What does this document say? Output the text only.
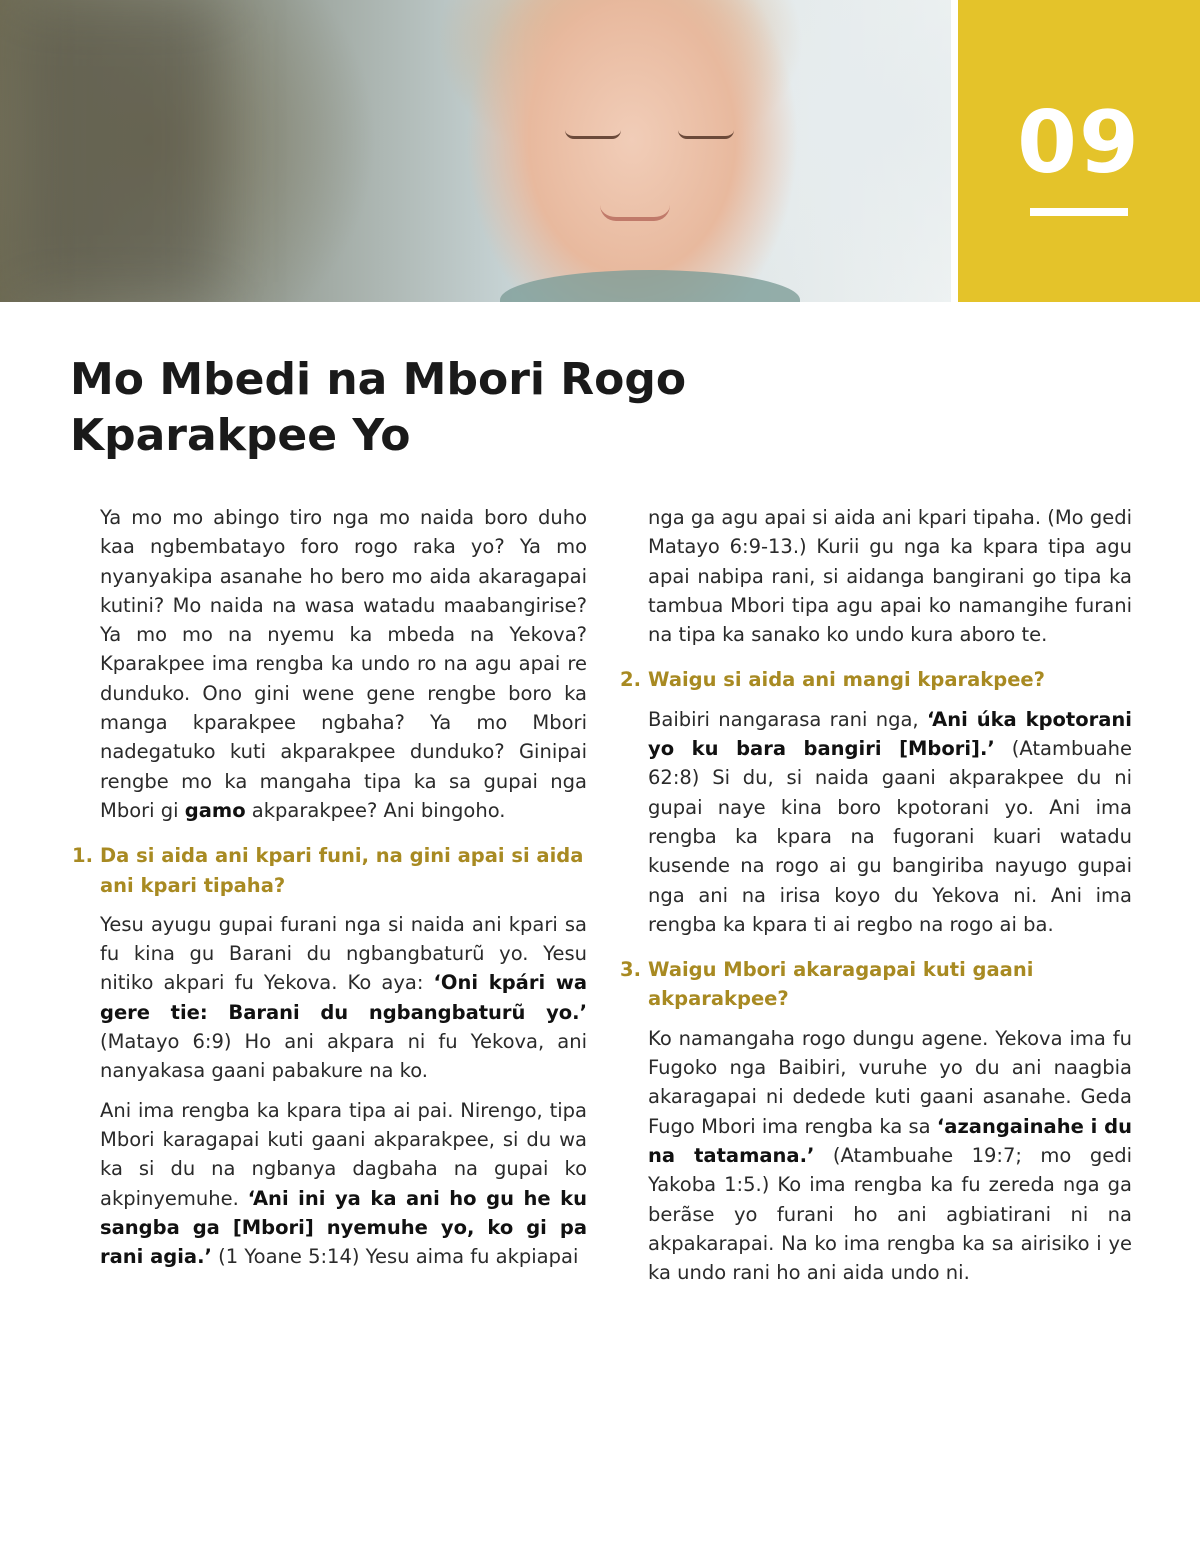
09
Mo Mbedi na Mbori Rogo Kparakpee Yo

Ya mo mo abingo tiro nga mo naida boro duho kaa ngbembatayo foro rogo raka yo? Ya mo nyanyakipa asanahe ho bero mo aida akaragapai kutini? Mo naida na wasa watadu maabangirise? Ya mo mo na nyemu ka mbeda na Yekova? Kparakpee ima rengba ka undo ro na agu apai re dunduko. Ono gini wene gene rengbe boro ka manga kparakpee ngbaha? Ya mo Mbori nadegatuko kuti akparakpee dunduko? Ginipai rengbe mo ka mangaha tipa ka sa gupai nga Mbori gi gamo akparakpee? Ani bingoho.

1. Da si aida ani kpari funi, na gini apai si aida ani kpari tipaha?

Yesu ayugu gupai furani nga si naida ani kpari sa fu kina gu Barani du ngbangbaturũ yo. Yesu nitiko akpari fu Yekova. Ko aya: ‘Oni kpári wa gere tie: Barani du ngbangbaturũ yo.’ (Matayo 6:9) Ho ani akpara ni fu Yekova, ani nanyakasa gaani pabakure na ko.

Ani ima rengba ka kpara tipa ai pai. Nirengo, tipa Mbori karagapai kuti gaani akparakpee, si du wa ka si du na ngbanya dagbaha na gupai ko akpinyemuhe. ‘Ani ini ya ka ani ho gu he ku sangba ga [Mbori] nyemuhe yo, ko gi pa rani agia.’ (1 Yoane 5:14) Yesu aima fu akpiapai

nga ga agu apai si aida ani kpari tipaha. (Mo gedi Matayo 6:9-13.) Kurii gu nga ka kpara tipa agu apai nabipa rani, si aidanga bangirani go tipa ka tambua Mbori tipa agu apai ko namangihe furani na tipa ka sanako ko undo kura aboro te.

2. Waigu si aida ani mangi kparakpee?

Baibiri nangarasa rani nga, ‘Ani úka kpotorani yo ku bara bangiri [Mbori].’ (Atambuahe 62:8) Si du, si naida gaani akparakpee du ni gupai naye kina boro kpotorani yo. Ani ima rengba ka kpara na fugorani kuari watadu kusende na rogo ai gu bangiriba nayugo gupai nga ani na irisa koyo du Yekova ni. Ani ima rengba ka kpara ti ai regbo na rogo ai ba.

3. Waigu Mbori akaragapai kuti gaani akparakpee?

Ko namangaha rogo dungu agene. Yekova ima fu Fugoko nga Baibiri, vuruhe yo du ani naagbia akaragapai ni dedede kuti gaani asanahe. Geda Fugo Mbori ima rengba ka sa ‘azangainahe i du na tatamana.’ (Atambuahe 19:7; mo gedi Yakoba 1:5.) Ko ima rengba ka fu zereda nga ga berãse yo furani ho ani agbiatirani ni na akpakarapai. Na ko ima rengba ka sa airisiko i ye ka undo rani ho ani aida undo ni.
